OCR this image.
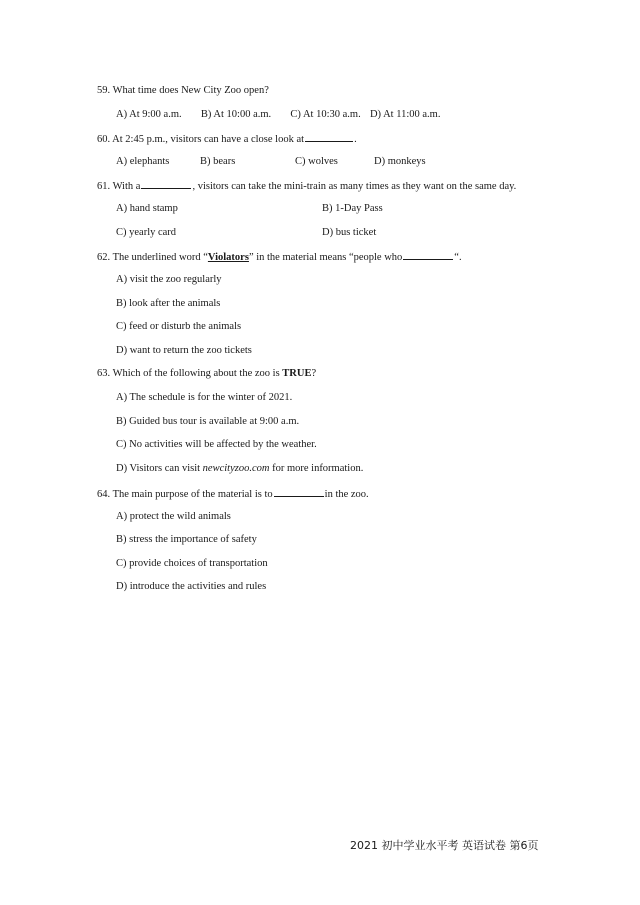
59. What time does New City Zoo open?
A) At 9:00 a.m. B) At 10:00 a.m. C) At 10:30 a.m. D) At 11:00 a.m.
60. At 2:45 p.m., visitors can have a close look at	.
A) elephants	B) bears	C) wolves	D) monkeys
61. With a	, visitors can take the mini-train as many times as they want on the same day.
A) hand stamp	B) 1-Day Pass
C) yearly card	D) bus ticket
62. The underlined word “Violators” in the material means “people who	“.
A) visit the zoo regularly
B) look after the animals
C) feed or disturb the animals
D) want to return the zoo tickets
63. Which of the following about the zoo is TRUE?
A) The schedule is for the winter of 2021.
B) Guided bus tour is available at 9:00 a.m.
C) No activities will be affected by the weather.
D) Visitors can visit newcityzoo.com for more information.
64. The main purpose of the material is to	in the zoo.
A) protect the wild animals
B) stress the importance of safety
C) provide choices of transportation
D) introduce the activities and rules
2021 初中学业水平考 英语试卷 第6页
